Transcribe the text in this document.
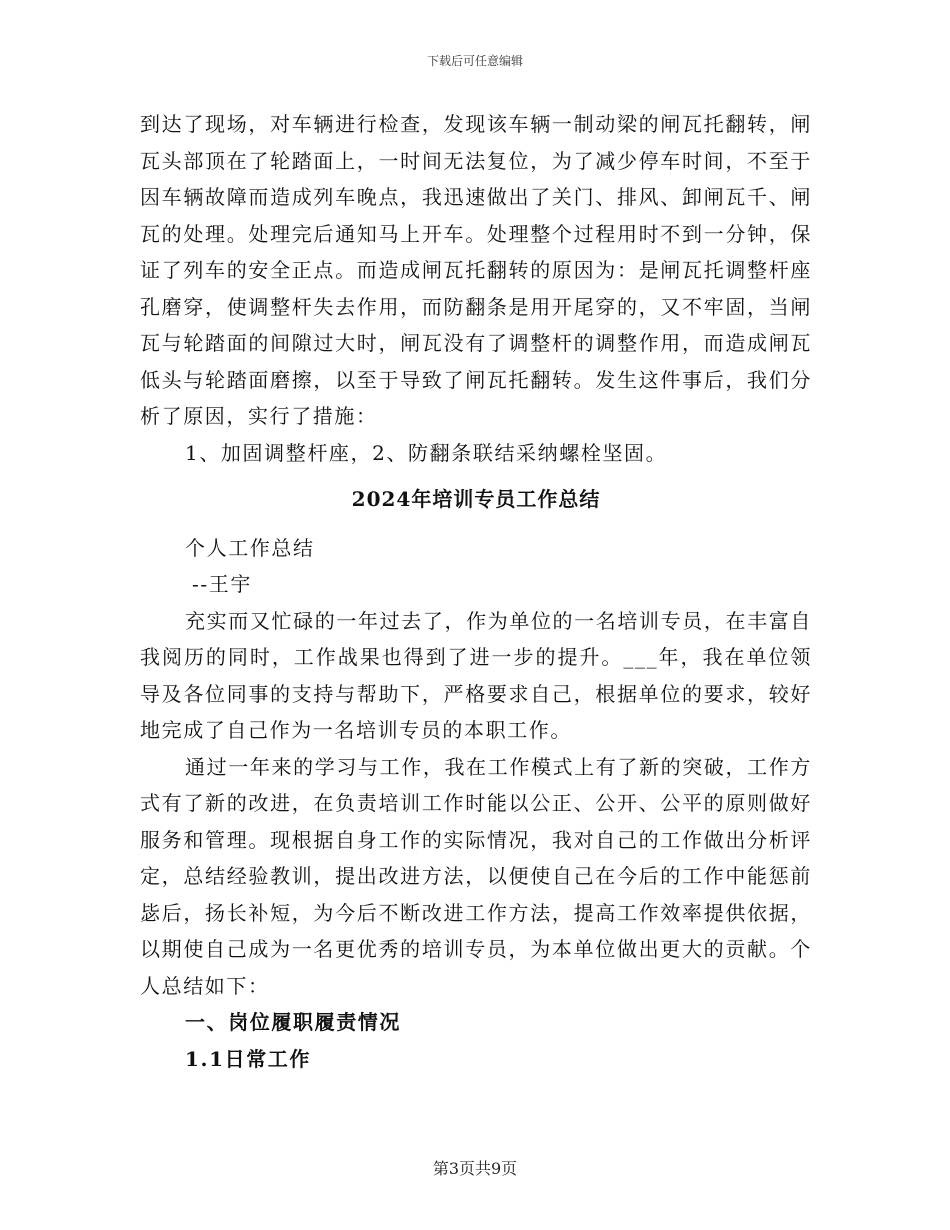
下载后可任意编辑

到达了现场，对车辆进行检查，发现该车辆一制动梁的闸瓦托翻转，闸瓦头部顶在了轮踏面上，一时间无法复位，为了减少停车时间，不至于因车辆故障而造成列车晚点，我迅速做出了关门、排风、卸闸瓦千、闸瓦的处理。处理完后通知马上开车。处理整个过程用时不到一分钟，保证了列车的安全正点。而造成闸瓦托翻转的原因为：是闸瓦托调整杆座孔磨穿，使调整杆失去作用，而防翻条是用开尾穿的，又不牢固，当闸瓦与轮踏面的间隙过大时，闸瓦没有了调整杆的调整作用，而造成闸瓦低头与轮踏面磨擦，以至于导致了闸瓦托翻转。发生这件事后，我们分析了原因，实行了措施：

1、加固调整杆座，2、防翻条联结采纳螺栓坚固。

2024年培训专员工作总结

个人工作总结

--王宇

充实而又忙碌的一年过去了，作为单位的一名培训专员，在丰富自我阅历的同时，工作战果也得到了进一步的提升。___年，我在单位领导及各位同事的支持与帮助下，严格要求自己，根据单位的要求，较好地完成了自己作为一名培训专员的本职工作。

通过一年来的学习与工作，我在工作模式上有了新的突破，工作方式有了新的改进，在负责培训工作时能以公正、公开、公平的原则做好服务和管理。现根据自身工作的实际情况，我对自己的工作做出分析评定，总结经验教训，提出改进方法，以便使自己在今后的工作中能惩前毖后，扬长补短，为今后不断改进工作方法，提高工作效率提供依据，以期使自己成为一名更优秀的培训专员，为本单位做出更大的贡献。个人总结如下：

一、岗位履职履责情况

1.1日常工作

第3页共9页
